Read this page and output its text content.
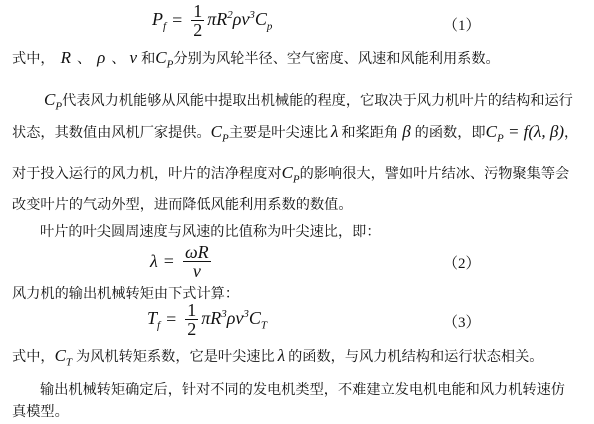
$P_f = \frac{1}{2} \pi R^2\rho v^3C_p$	（1）
式中， R 、 ρ 、 v 和$C_P$分别为风轮半径、空气密度、风速和风能利用系数。
$C_P$代表风力机能够从风能中提取出机械能的程度，它取决于风力机叶片的结构和运行
状态，其数值由风机厂家提供。$C_P$主要是叶尖速比 λ 和桨距角 β 的函数，即$C_P = f(\lambda$, β)，
对于投入运行的风力机，叶片的洁净程度对$C_P$的影响很大，譬如叶片结冰、污物聚集等会
改变叶片的气动外型，进而降低风能利用系数的数值。
叶片的叶尖圆周速度与风速的比值称为叶尖速比，即：
$\lambda = \frac{\omega R}{v}$	（2）
风力机的输出机械转矩由下式计算：
$T_f = \frac{1}{2} \pi R^3\rho v^3C_T$	（3）
式中，$C_T$ 为风机转矩系数，它是叶尖速比 λ 的函数，与风力机结构和运行状态相关。
输出机械转矩确定后，针对不同的发电机类型，不难建立发电机电能和风力机转速仿
真模型。
